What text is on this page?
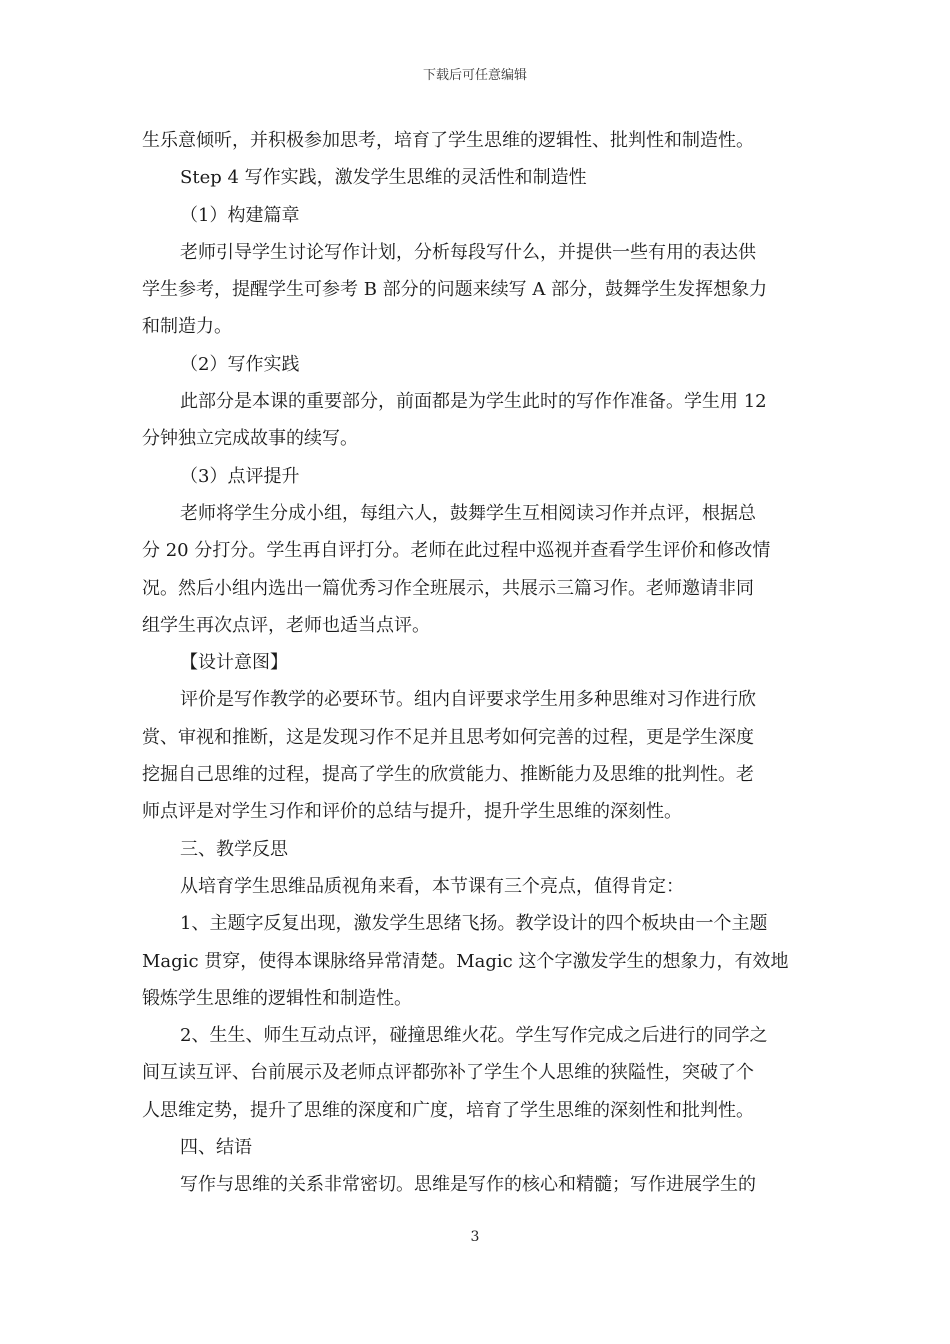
下载后可任意编辑
生乐意倾听，并积极参加思考，培育了学生思维的逻辑性、批判性和制造性。
Step 4 写作实践，激发学生思维的灵活性和制造性
（1）构建篇章
老师引导学生讨论写作计划，分析每段写什么，并提供一些有用的表达供
学生参考，提醒学生可参考 B 部分的问题来续写 A 部分，鼓舞学生发挥想象力
和制造力。
（2）写作实践
此部分是本课的重要部分，前面都是为学生此时的写作作准备。学生用 12
分钟独立完成故事的续写。
（3）点评提升
老师将学生分成小组，每组六人，鼓舞学生互相阅读习作并点评，根据总
分 20 分打分。学生再自评打分。老师在此过程中巡视并查看学生评价和修改情
况。然后小组内选出一篇优秀习作全班展示，共展示三篇习作。老师邀请非同
组学生再次点评，老师也适当点评。
【设计意图】
评价是写作教学的必要环节。组内自评要求学生用多种思维对习作进行欣
赏、审视和推断，这是发现习作不足并且思考如何完善的过程，更是学生深度
挖掘自己思维的过程，提高了学生的欣赏能力、推断能力及思维的批判性。老
师点评是对学生习作和评价的总结与提升，提升学生思维的深刻性。
三、教学反思
从培育学生思维品质视角来看，本节课有三个亮点，值得肯定：
1、主题字反复出现，激发学生思绪飞扬。教学设计的四个板块由一个主题
Magic 贯穿，使得本课脉络异常清楚。Magic 这个字激发学生的想象力，有效地
锻炼学生思维的逻辑性和制造性。
2、生生、师生互动点评，碰撞思维火花。学生写作完成之后进行的同学之
间互读互评、台前展示及老师点评都弥补了学生个人思维的狭隘性，突破了个
人思维定势，提升了思维的深度和广度，培育了学生思维的深刻性和批判性。
四、结语
写作与思维的关系非常密切。思维是写作的核心和精髓；写作进展学生的
3
